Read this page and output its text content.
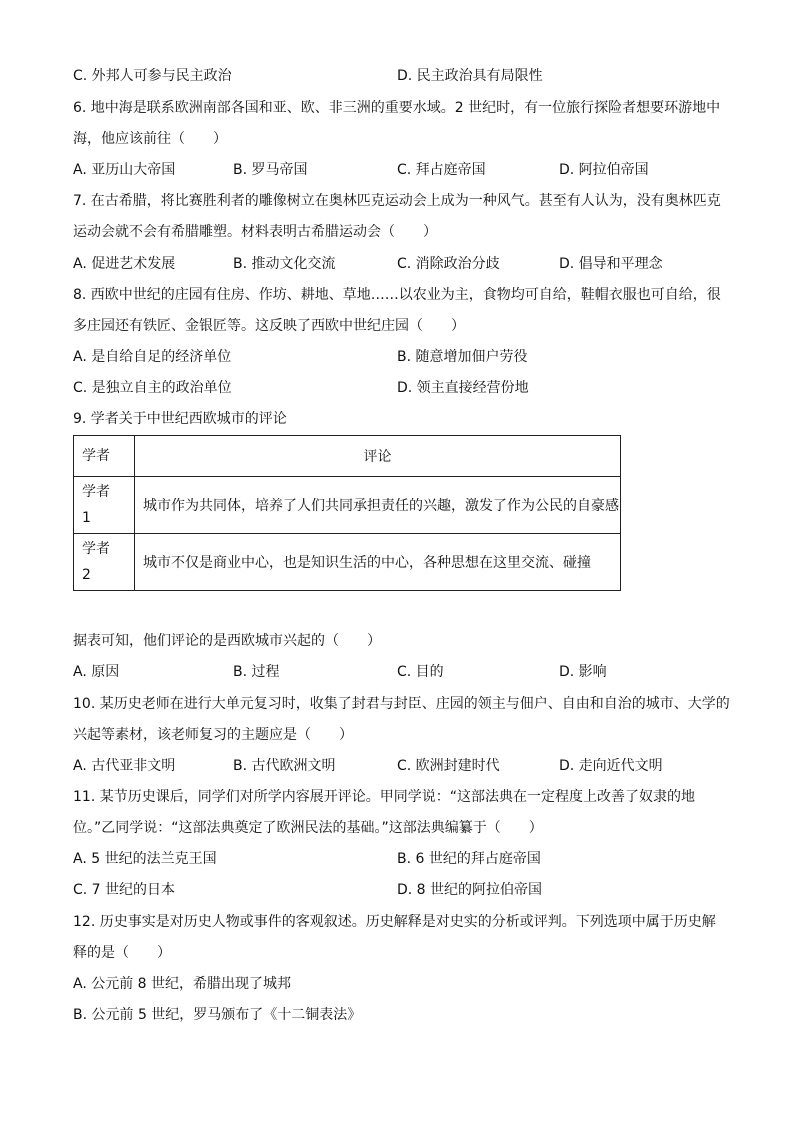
C. 外邦人可参与民主政治	D. 民主政治具有局限性
6. 地中海是联系欧洲南部各国和亚、欧、非三洲的重要水域。2 世纪时，有一位旅行探险者想要环游地中
海，他应该前往（　　）
A. 亚历山大帝国	B. 罗马帝国	C. 拜占庭帝国	D. 阿拉伯帝国
7. 在古希腊，将比赛胜利者的雕像树立在奥林匹克运动会上成为一种风气。甚至有人认为，没有奥林匹克
运动会就不会有希腊雕塑。材料表明古希腊运动会（　　）
A. 促进艺术发展	B. 推动文化交流	C. 消除政治分歧	D. 倡导和平理念
8. 西欧中世纪的庄园有住房、作坊、耕地、草地……以农业为主，食物均可自给，鞋帽衣服也可自给，很
多庄园还有铁匠、金银匠等。这反映了西欧中世纪庄园（　　）
A. 是自给自足的经济单位	B. 随意增加佃户劳役
C. 是独立自主的政治单位	D. 领主直接经营份地
9. 学者关于中世纪西欧城市的评论
学者	评论

学者
1	城市作为共同体，培养了人们共同承担责任的兴趣，激发了作为公民的自豪感

学者
2	城市不仅是商业中心，也是知识生活的中心，各种思想在这里交流、碰撞
据表可知，他们评论的是西欧城市兴起的（　　）
A. 原因	B. 过程	C. 目的	D. 影响
10. 某历史老师在进行大单元复习时，收集了封君与封臣、庄园的领主与佃户、自由和自治的城市、大学的
兴起等素材，该老师复习的主题应是（　　）
A. 古代亚非文明	B. 古代欧洲文明	C. 欧洲封建时代	D. 走向近代文明
11. 某节历史课后，同学们对所学内容展开评论。甲同学说：“这部法典在一定程度上改善了奴隶的地
位。”乙同学说：“这部法典奠定了欧洲民法的基础。”这部法典编纂于（　　）
A. 5 世纪的法兰克王国	B. 6 世纪的拜占庭帝国
C. 7 世纪的日本	D. 8 世纪的阿拉伯帝国
12. 历史事实是对历史人物或事件的客观叙述。历史解释是对史实的分析或评判。下列选项中属于历史解
释的是（　　）
A. 公元前 8 世纪，希腊出现了城邦
B. 公元前 5 世纪，罗马颁布了《十二铜表法》
